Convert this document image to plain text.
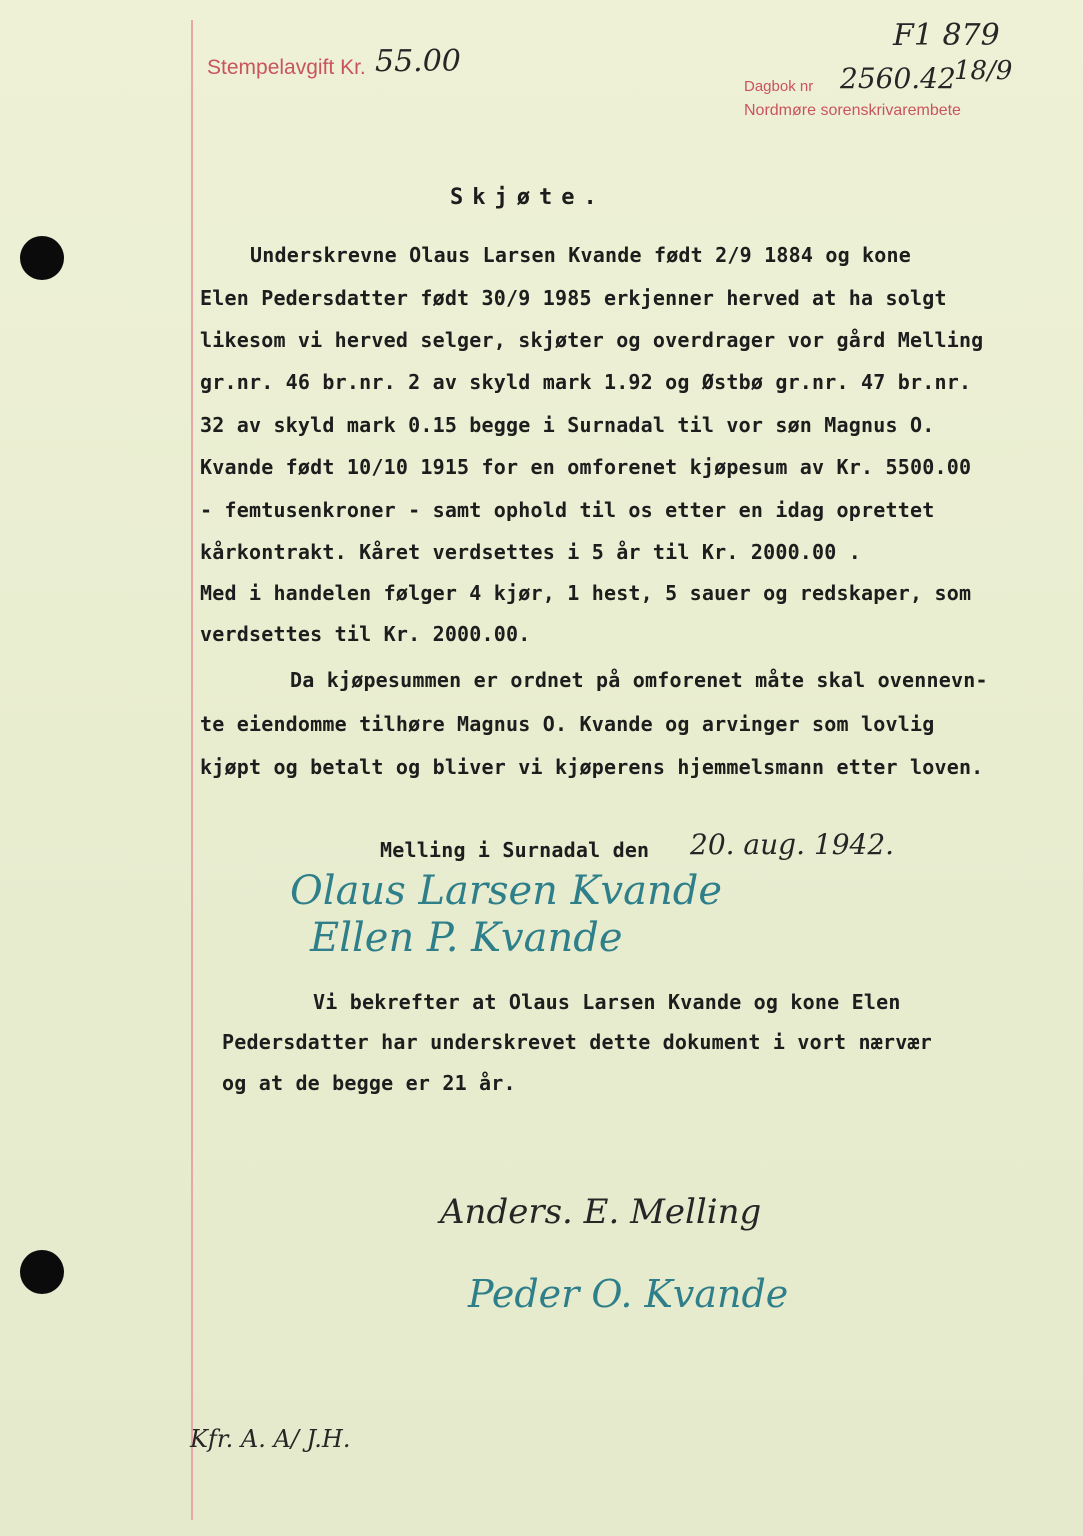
Stempelavgift Kr. 55.00
F1 879
Dagbok nr 2560.42
18/9
Nordmøre sorenskrivarembete
Skjøte.
Underskrevne Olaus Larsen Kvande født 2/9 1884 og kone
Elen Pedersdatter født 30/9 1985 erkjenner herved at ha solgt
likesom vi herved selger, skjøter og overdrager vor gård Melling
gr.nr. 46 br.nr. 2 av skyld mark 1.92 og Østbø gr.nr. 47 br.nr.
32 av skyld mark 0.15 begge i Surnadal til vor søn Magnus O.
Kvande født 10/10 1915 for en omforenet kjøpesum av Kr. 5500.00
- femtusenkroner - samt ophold til os etter en idag oprettet
kårkontrakt. Kåret verdsettes i 5 år til Kr. 2000.00 .
Med i handelen følger 4 kjør, 1 hest, 5 sauer og redskaper, som
verdsettes til Kr. 2000.00.
Da kjøpesummen er ordnet på omforenet måte skal ovennevn-
te eiendomme tilhøre Magnus O. Kvande og arvinger som lovlig
kjøpt og betalt og bliver vi kjøperens hjemmelsmann etter loven.
Melling i Surnadal den 20. aug. 1942.
Olaus Larsen Kvande
Ellen P. Kvande
Vi bekrefter at Olaus Larsen Kvande og kone Elen
Pedersdatter har underskrevet dette dokument i vort nærvær
og at de begge er 21 år.
Anders. E. Melling
Peder O. Kvande
Kfr. A. A/ J.H.
